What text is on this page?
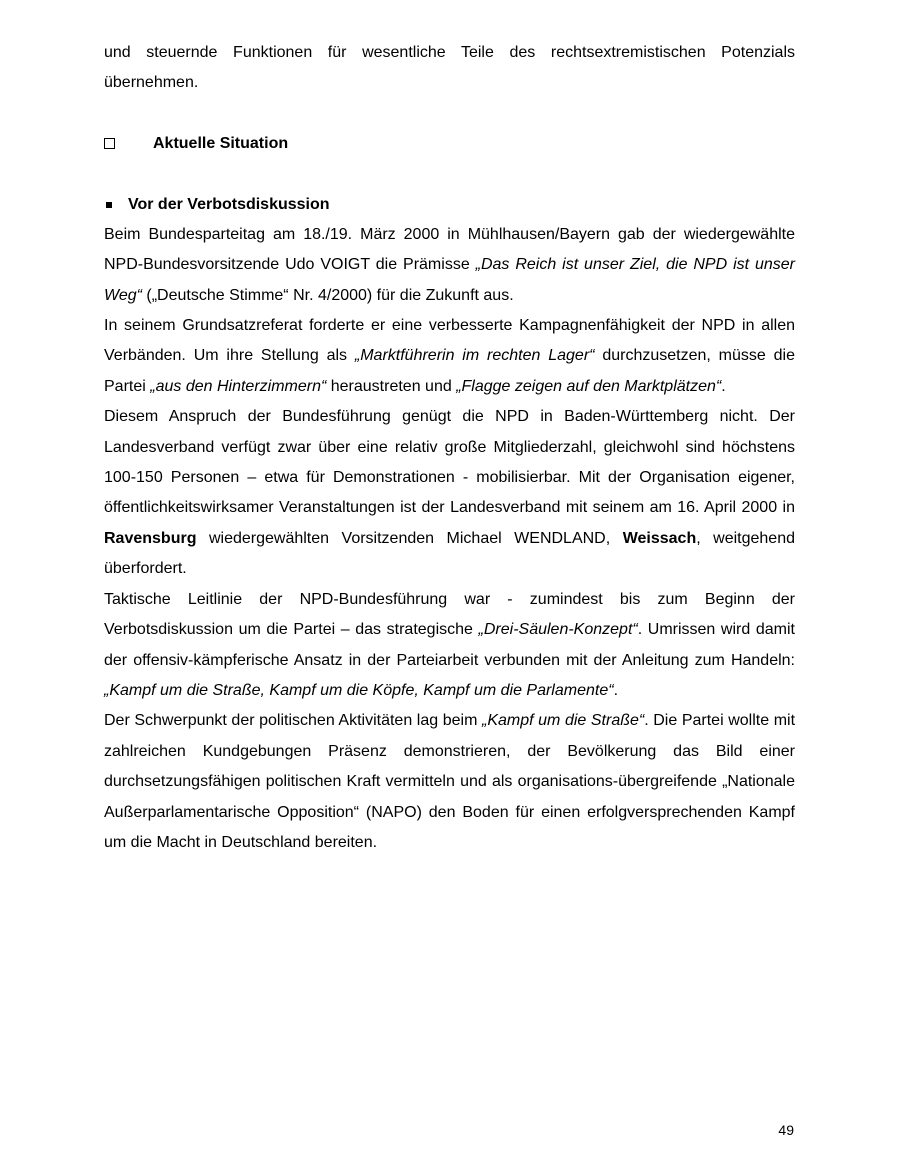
und steuernde Funktionen für wesentliche Teile des rechtsextremistischen Potenzials

übernehmen.

Aktuelle Situation
Vor der Verbotsdiskussion

Beim Bundesparteitag am 18./19. März 2000 in Mühlhausen/Bayern gab der wiedergewählte NPD-Bundesvorsitzende Udo VOIGT die Prämisse „Das Reich ist unser Ziel, die NPD ist unser Weg“ („Deutsche Stimme“ Nr. 4/2000) für die Zukunft aus.

In seinem Grundsatzreferat forderte er eine verbesserte Kampagnenfähigkeit der NPD in allen Verbänden. Um ihre Stellung als „Marktführerin im rechten Lager“ durchzusetzen, müsse die Partei „aus den Hinterzimmern“ heraustreten und „Flagge zeigen auf den Marktplätzen“.

Diesem Anspruch der Bundesführung genügt die NPD in Baden-Württemberg nicht. Der Landesverband verfügt zwar über eine relativ große Mitgliederzahl, gleichwohl sind höchstens 100-150 Personen – etwa für Demonstrationen - mobilisierbar. Mit der Organisation eigener, öffentlichkeitswirksamer Veranstaltungen ist der Landesverband mit seinem am 16. April 2000 in Ravensburg wiedergewählten Vorsitzenden Michael WENDLAND, Weissach, weitgehend überfordert.

Taktische Leitlinie der NPD-Bundesführung war - zumindest bis zum Beginn der Verbotsdiskussion um die Partei – das strategische „Drei-Säulen-Konzept“. Umrissen wird damit der offensiv-kämpferische Ansatz in der Parteiarbeit verbunden mit der Anleitung zum Handeln: „Kampf um die Straße, Kampf um die Köpfe, Kampf um die Parlamente“.

Der Schwerpunkt der politischen Aktivitäten lag beim „Kampf um die Straße“. Die Partei wollte mit zahlreichen Kundgebungen Präsenz demonstrieren, der Bevölkerung das Bild einer durchsetzungsfähigen politischen Kraft vermitteln und als organisations-übergreifende „Nationale Außerparlamentarische Opposition“ (NAPO) den Boden für einen erfolgversprechenden Kampf um die Macht in Deutschland bereiten.

49
